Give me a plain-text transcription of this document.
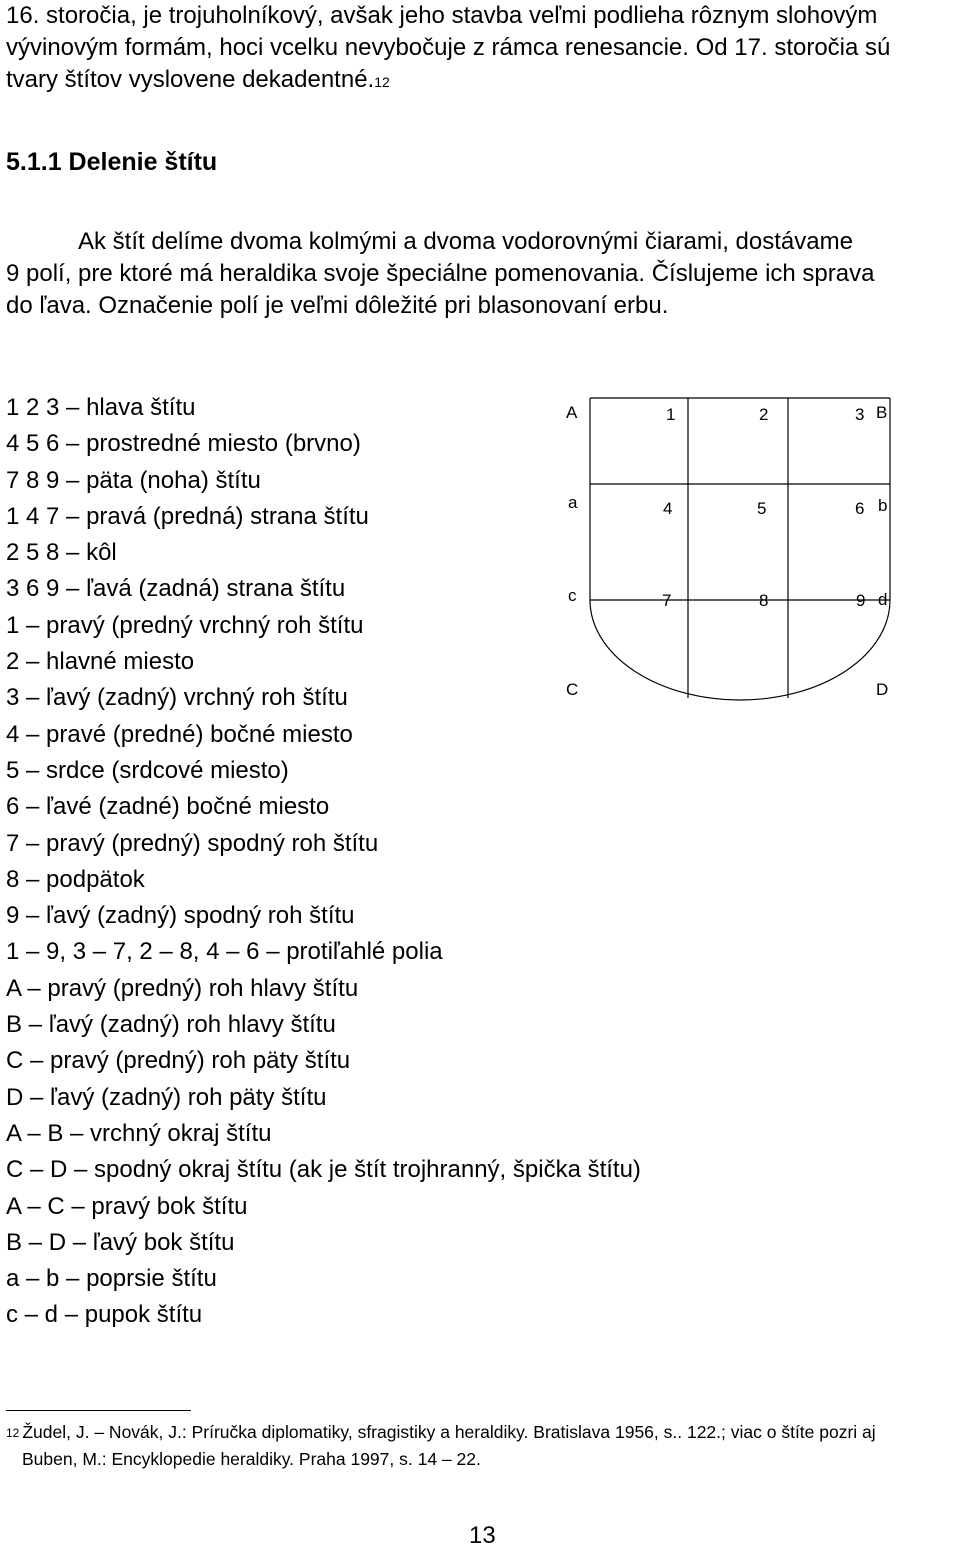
16. storočia, je trojuholníkový, avšak jeho stavba veľmi podlieha rôznym slohovým
vývinovým formám, hoci vcelku nevybočuje z rámca renesancie. Od 17. storočia sú
tvary štítov vyslovene dekadentné.$^{12}$
5.1.1 Delenie štítu
Ak štít delíme dvoma kolmými a dvoma vodorovnými čiarami, dostávame
9 polí, pre ktoré má heraldika svoje špeciálne pomenovania. Číslujeme ich sprava
do ľava. Označenie polí je veľmi dôležité pri blasonovaní erbu.
1 2 3 – hlava štítu
4 5 6 – prostredné miesto (brvno)
7 8 9 – päta (noha) štítu
1 4 7 – pravá (predná) strana štítu
2 5 8 – kôl
3 6 9 – ľavá (zadná) strana štítu
1 – pravý (predný vrchný roh štítu
2 – hlavné miesto
3 – ľavý (zadný) vrchný roh štítu
4 – pravé (predné) bočné miesto
5 – srdce (srdcové miesto)
6 – ľavé (zadné) bočné miesto
7 – pravý (predný) spodný roh štítu
8 – podpätok
9 – ľavý (zadný) spodný roh štítu
1 – 9, 3 – 7, 2 – 8, 4 – 6 – protiľahlé polia
A – pravý (predný) roh hlavy štítu
B – ľavý (zadný) roh hlavy štítu
C – pravý (predný) roh päty štítu
D – ľavý (zadný) roh päty štítu
A – B – vrchný okraj štítu
C – D – spodný okraj štítu (ak je štít trojhranný, špička štítu)
A – C – pravý bok štítu
B – D – ľavý bok štítu
a – b – poprsie štítu
c – d – pupok štítu
A	B
a	b
c	d
C	D
1	2	3
4	5	6
7	8	9
$^{12}$ Žudel, J. – Novák, J.: Príručka diplomatiky, sfragistiky a heraldiky. Bratislava 1956, s.. 122.; viac o štíte pozri aj
Buben, M.: Encyklopedie heraldiky. Praha 1997, s. 14 – 22.
13
